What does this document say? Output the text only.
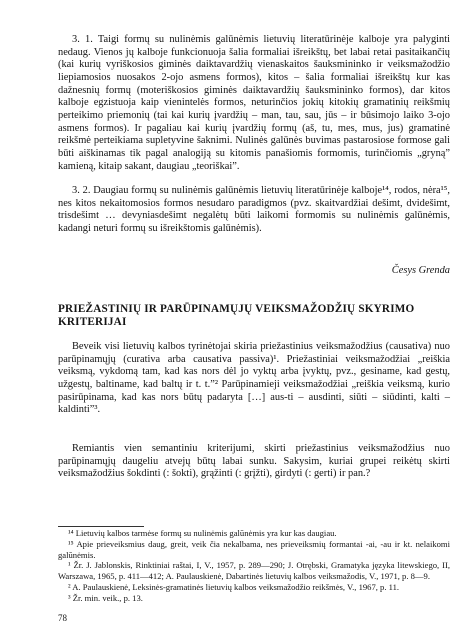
3. 1. Taigi formų su nulinėmis galūnėmis lietuvių literatūrinėje kalboje yra palyginti nedaug. Vienos jų kalboje funkcionuoja šalia formaliai išreikštų, bet labai retai pasitaikančių (kai kurių vyriškosios giminės daiktavardžių vienaskaitos šauksmininko ir veiksmažodžio liepiamosios nuosakos 2-ojo asmens formos), kitos – šalia formaliai išreikštų kur kas dažnesnių formų (moteriškosios giminės daiktavardžių šauksmininko formos), dar kitos kalboje egzistuoja kaip vienintelės formos, neturinčios jokių kitokių gramatinių reikšmių perteikimo priemonių (tai kai kurių įvardžių – man, tau, sau, jūs – ir būsimojo laiko 3-ojo asmens formos). Ir pagaliau kai kurių įvardžių formų (aš, tu, mes, mus, jus) gramatinė reikšmė perteikiama supletyvine šaknimi. Nulinės galūnės buvimas pastarosiose formose gali būti aiškinamas tik pagal analogiją su kitomis panašiomis formomis, turinčiomis „grynąˮ kamieną, kitaip sakant, daugiau „teoriškaiˮ.

3. 2. Daugiau formų su nulinėmis galūnėmis lietuvių literatūrinėje kalboje¹⁴, rodos, nėra¹⁵, nes kitos nekaitomosios formos nesudaro paradigmos (pvz. skaitvardžiai dešimt, dvidešimt, trisdešimt … devyniasdešimt negalėtų būti laikomi formomis su nulinėmis galūnėmis, kadangi neturi formų su išreikštomis galūnėmis).

Česys Grenda
PRIEŽASTINIŲ IR PARŪPINAMŲJŲ VEIKSMAŽODŽIŲ SKYRIMO KRITERIJAI

Beveik visi lietuvių kalbos tyrinėtojai skiria priežastinius veiksmažodžius (causativa) nuo parūpinamųjų (curativa arba causativa passiva)¹. Priežastiniai veiksmažodžiai „reiškia veiksmą, vykdomą tam, kad kas nors dėl jo vyktų arba įvyktų, pvz., gesiname, kad gestų, užgestų, baltiname, kad baltų ir t. t.ˮ² Parūpinamieji veiksmažodžiai „reiškia veiksmą, kurio pasirūpinama, kad kas nors būtų padaryta […] aus-ti – ausdinti, siūti – siūdinti, kalti – kaldintiˮ³.

Remiantis vien semantiniu kriterijumi, skirti priežastinius veiksmažodžius nuo parūpinamųjų daugeliu atvejų būtų labai sunku. Sakysim, kuriai grupei reikėtų skirti veiksmažodžius šokdinti (: šokti), grąžinti (: grįžti), girdyti (: gerti) ir pan.?

¹⁴ Lietuvių kalbos tarmėse formų su nulinėmis galūnėmis yra kur kas daugiau.

¹⁵ Apie prieveiksmius daug, greit, veik čia nekalbama, nes prieveiksmių formantai -ai, -au ir kt. nelaikomi galūnėmis.

¹ Žr. J. Jablonskis, Rinktiniai raštai, I, V., 1957, p. 289—290; J. Otrębski, Gramatyka języka litewskiego, II, Warszawa, 1965, p. 411—412; A. Paulauskienė, Dabartinės lietuvių kalbos veiksmažodis, V., 1971, p. 8—9.

² A. Paulauskienė, Leksinės-gramatinės lietuvių kalbos veiksmažodžio reikšmės, V., 1967, p. 11.

³ Žr. min. veik., p. 13.

78
